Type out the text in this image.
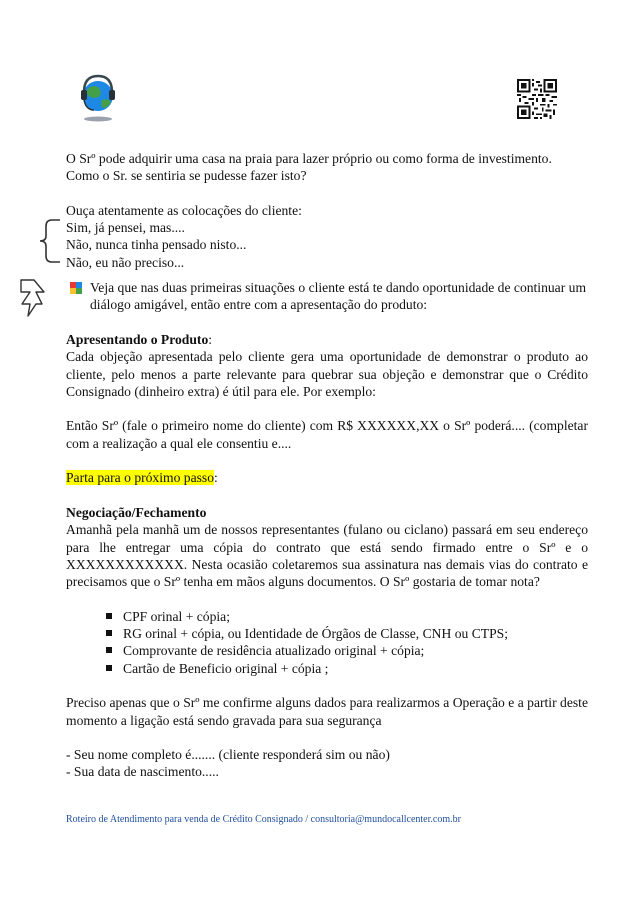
O Srº pode adquirir uma casa na praia para lazer próprio ou como forma de investimento. Como o Sr. se sentiria se pudesse fazer isto?

Ouça atentamente as colocações do cliente:

Sim, já pensei, mas....

Não, nunca tinha pensado nisto...

Não, eu não preciso...

Veja que nas duas primeiras situações o cliente está te dando oportunidade de continuar um diálogo amigável, então entre com a apresentação do produto:

Apresentando o Produto:

Cada objeção apresentada pelo cliente gera uma oportunidade de demonstrar o produto ao cliente, pelo menos a parte relevante para quebrar sua objeção e demonstrar que o Crédito Consignado (dinheiro extra) é útil para ele. Por exemplo:

Então Srº (fale o primeiro nome do cliente) com R$ XXXXXX,XX o Srº poderá.... (completar com a realização a qual ele consentiu e....

Parta para o próximo passo:

Negociação/Fechamento

Amanhã pela manhã um de nossos representantes (fulano ou ciclano) passará em seu endereço para lhe entregar uma cópia do contrato que está sendo firmado entre o Srº e o XXXXXXXXXXXX. Nesta ocasião coletaremos sua assinatura nas demais vias do contrato e precisamos que o Srº tenha em mãos alguns documentos. O Srº gostaria de tomar nota?

CPF orinal + cópia;
RG orinal + cópia, ou Identidade de Órgãos de Classe, CNH ou CTPS;
Comprovante de residência atualizado original + cópia;
Cartão de Beneficio original + cópia ;

Preciso apenas que o Srº me confirme alguns dados para realizarmos a Operação e a partir deste momento a ligação está sendo gravada para sua segurança

- Seu nome completo é....... (cliente responderá sim ou não)

- Sua data de nascimento.....

Roteiro de Atendimento para venda de Crédito Consignado / consultoria@mundocallcenter.com.br
